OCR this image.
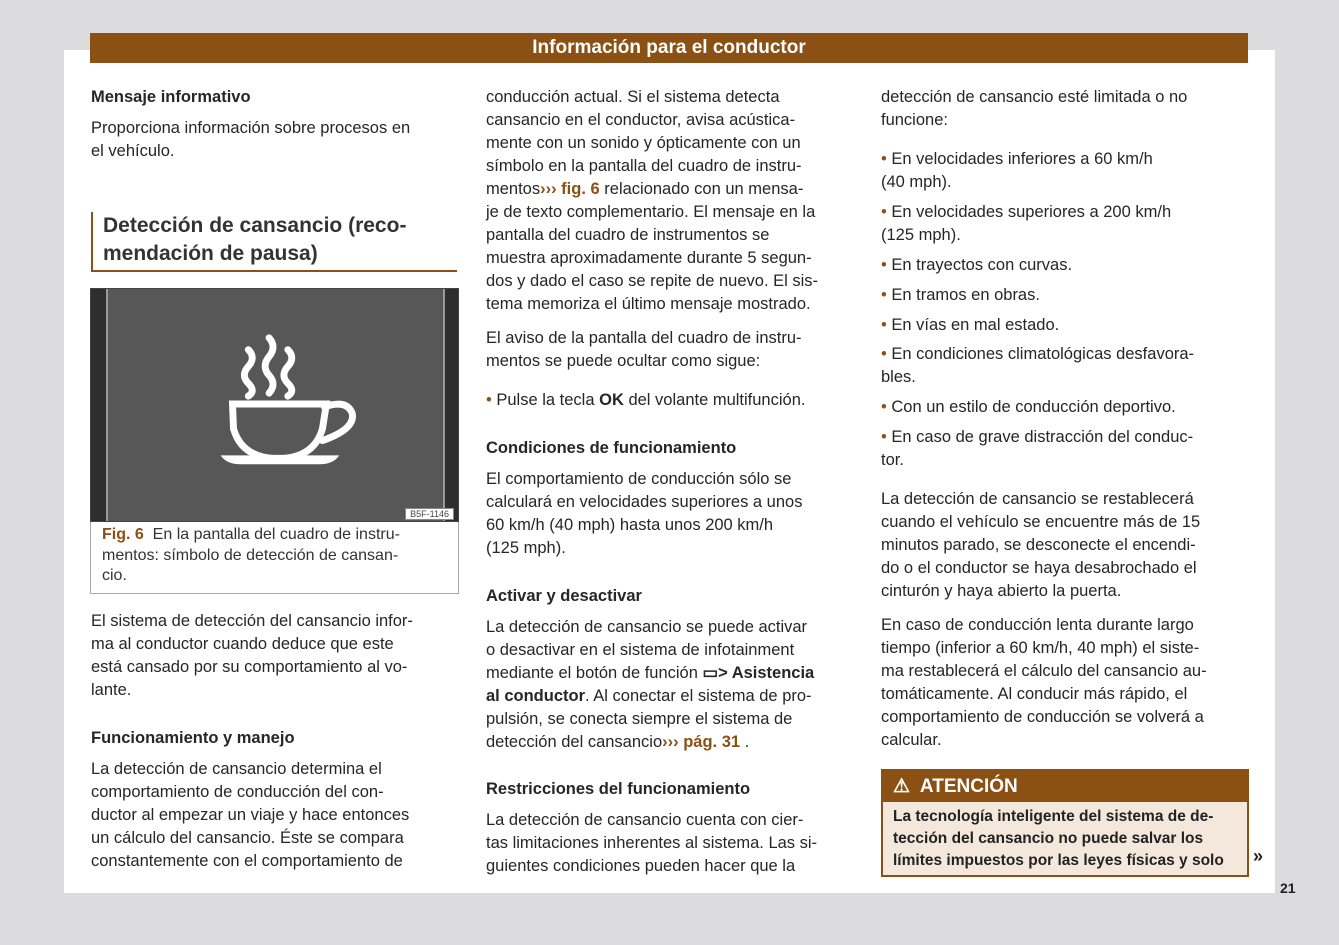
Información para el conductor
Mensaje informativo
Proporciona información sobre procesos en
el vehículo.
Detección de cansancio (reco-
mendación de pausa)
B5F-1146
Fig. 6 En la pantalla del cuadro de instru-
mentos: símbolo de detección de cansan-
cio.
El sistema de detección del cansancio infor-
ma al conductor cuando deduce que este
está cansado por su comportamiento al vo-
lante.
Funcionamiento y manejo
La detección de cansancio determina el
comportamiento de conducción del con-
ductor al empezar un viaje y hace entonces
un cálculo del cansancio. Éste se compara
constantemente con el comportamiento de
conducción actual. Si el sistema detecta
cansancio en el conductor, avisa acústica-
mente con un sonido y ópticamente con un
símbolo en la pantalla del cuadro de instru-
mentos››› fig. 6 relacionado con un mensa-
je de texto complementario. El mensaje en la
pantalla del cuadro de instrumentos se
muestra aproximadamente durante 5 segun-
dos y dado el caso se repite de nuevo. El sis-
tema memoriza el último mensaje mostrado.
El aviso de la pantalla del cuadro de instru-
mentos se puede ocultar como sigue:
• Pulse la tecla OK del volante multifunción.
Condiciones de funcionamiento
El comportamiento de conducción sólo se
calculará en velocidades superiores a unos
60 km/h (40 mph) hasta unos 200 km/h
(125 mph).
Activar y desactivar
La detección de cansancio se puede activar
o desactivar en el sistema de infotainment
mediante el botón de función ▭> Asistencia
al conductor. Al conectar el sistema de pro-
pulsión, se conecta siempre el sistema de
detección del cansancio››› pág. 31 .
Restricciones del funcionamiento
La detección de cansancio cuenta con cier-
tas limitaciones inherentes al sistema. Las si-
guientes condiciones pueden hacer que la
detección de cansancio esté limitada o no
funcione:
• En velocidades inferiores a 60 km/h
(40 mph).
• En velocidades superiores a 200 km/h
(125 mph).
• En trayectos con curvas.
• En tramos en obras.
• En vías en mal estado.
• En condiciones climatológicas desfavora-
bles.
• Con un estilo de conducción deportivo.
• En caso de grave distracción del conduc-
tor.
La detección de cansancio se restablecerá
cuando el vehículo se encuentre más de 15
minutos parado, se desconecte el encendi-
do o el conductor se haya desabrochado el
cinturón y haya abierto la puerta.
En caso de conducción lenta durante largo
tiempo (inferior a 60 km/h, 40 mph) el siste-
ma restablecerá el cálculo del cansancio au-
tomáticamente. Al conducir más rápido, el
comportamiento de conducción se volverá a
calcular.
⚠ ATENCIÓN
La tecnología inteligente del sistema de de-
tección del cansancio no puede salvar los
límites impuestos por las leyes físicas y solo	»
21
